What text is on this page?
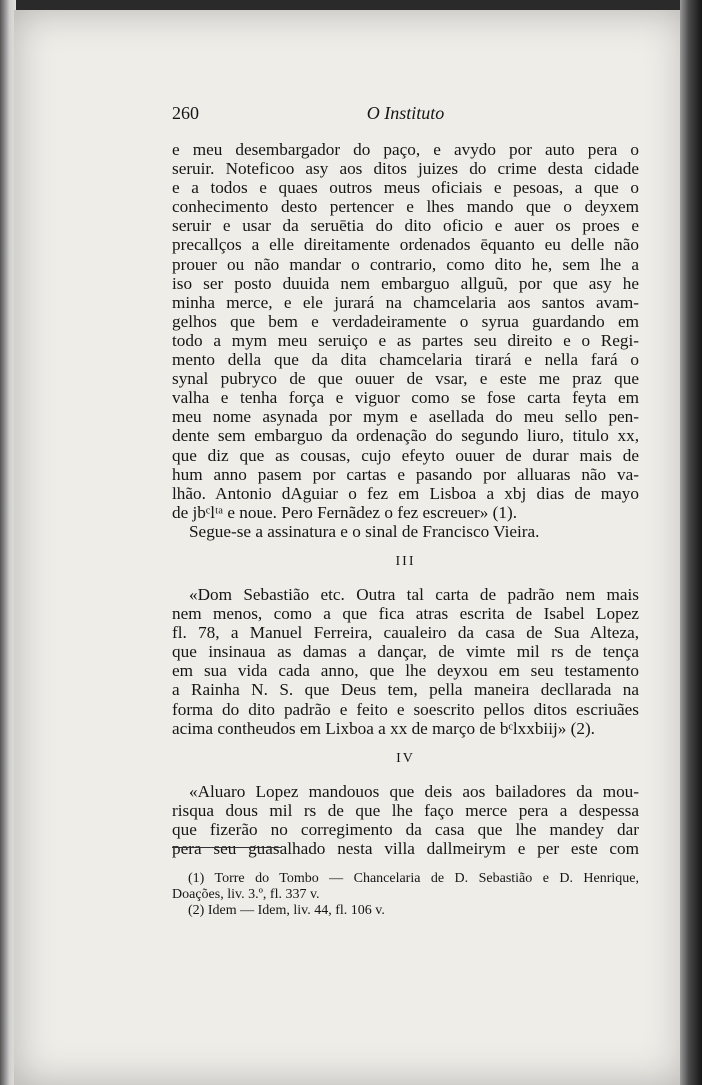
260	O Instituto
e meu desembargador do paço, e avydo por auto pera o
seruir. Noteficoo asy aos ditos juizes do crime desta cidade
e a todos e quaes outros meus oficiais e pesoas, a que o
conhecimento desto pertencer e lhes mando que o deyxem
seruir e usar da seruētia do dito oficio e auer os proes e
precallços a elle direitamente ordenados ēquanto eu delle não
prouer ou não mandar o contrario, como dito he, sem lhe a
iso ser posto duuida nem embarguo allguũ, por que asy he
minha merce, e ele jurará na chamcelaria aos santos avam-
gelhos que bem e verdadeiramente o syrua guardando em
todo a mym meu seruiço e as partes seu direito e o Regi-
mento della que da dita chamcelaria tirará e nella fará o
synal pubryco de que ouuer de vsar, e este me praz que
valha e tenha força e viguor como se fose carta feyta em
meu nome asynada por mym e asellada do meu sello pen-
dente sem embarguo da ordenação do segundo liuro, titulo xx,
que diz que as cousas, cujo efeyto ouuer de durar mais de
hum anno pasem por cartas e pasando por alluaras não va-
lhão. Antonio dAguiar o fez em Lisboa a xbj dias de mayo
de jbᶜlᵗᵃ e noue. Pero Fernãdez o fez escreuer» (1).
Segue-se a assinatura e o sinal de Francisco Vieira.
III
«Dom Sebastião etc. Outra tal carta de padrão nem mais
nem menos, como a que fica atras escrita de Isabel Lopez
fl. 78, a Manuel Ferreira, caualeiro da casa de Sua Alteza,
que insinaua as damas a dançar, de vimte mil rs de tença
em sua vida cada anno, que lhe deyxou em seu testamento
a Rainha N. S. que Deus tem, pella maneira decllarada na
forma do dito padrão e feito e soescrito pellos ditos escriuães
acima contheudos em Lixboa a xx de março de bᶜlxxbiij» (2).
IV
«Aluaro Lopez mandouos que deis aos bailadores da mou-
risqua dous mil rs de que lhe faço merce pera a despessa
que fizerão no corregimento da casa que lhe mandey dar
pera seu guasalhado nesta villa dallmeirym e per este com
(1) Torre do Tombo — Chancelaria de D. Sebastião e D. Henrique,
Doações, liv. 3.º, fl. 337 v.
(2) Idem — Idem, liv. 44, fl. 106 v.
